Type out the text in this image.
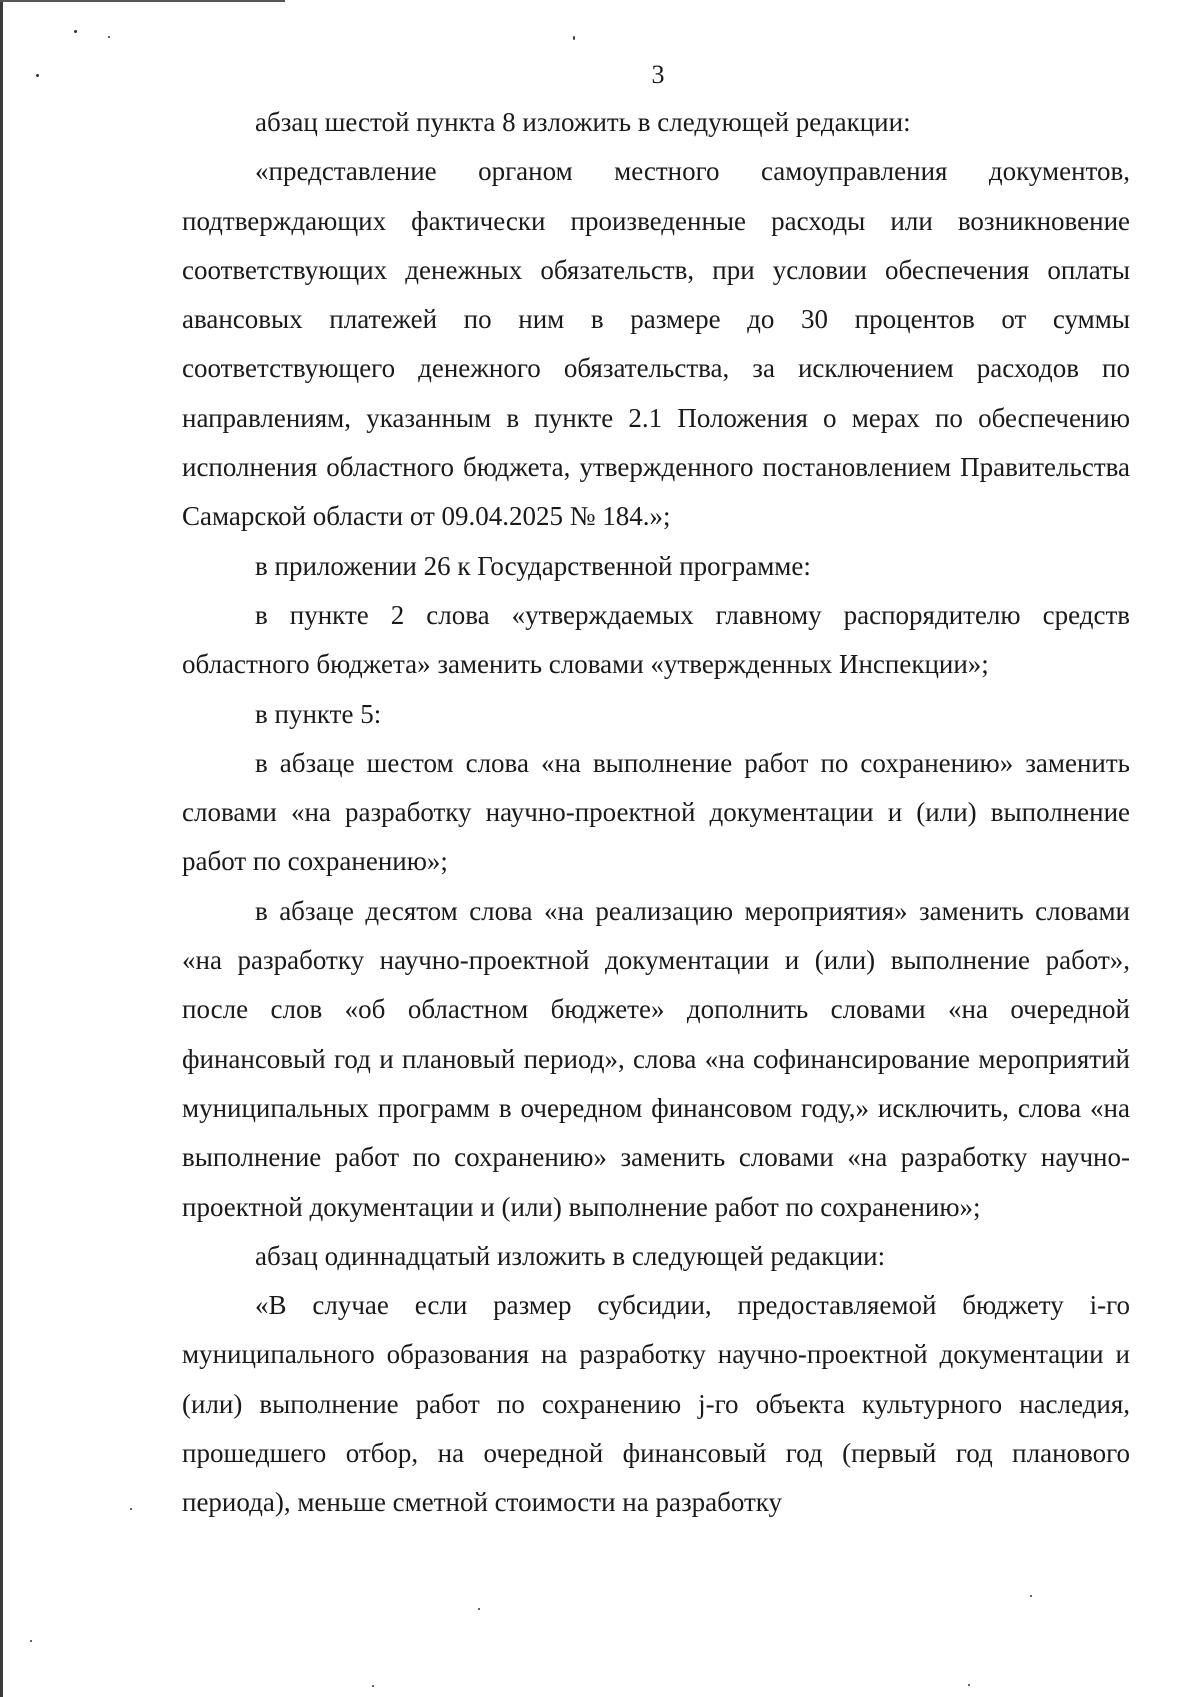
3

абзац шестой пункта 8 изложить в следующей редакции:

«представление органом местного самоуправления документов, подтверждающих фактически произведенные расходы или возникновение соответствующих денежных обязательств, при условии обеспечения оплаты авансовых платежей по ним в размере до 30 процентов от суммы соответствующего денежного обязательства, за исключением расходов по направлениям, указанным в пункте 2.1 Положения о мерах по обеспечению исполнения областного бюджета, утвержденного постановлением Правительства Самарской области от 09.04.2025 № 184.»;

в приложении 26 к Государственной программе:

в пункте 2 слова «утверждаемых главному распорядителю средств областного бюджета» заменить словами «утвержденных Инспекции»;

в пункте 5:

в абзаце шестом слова «на выполнение работ по сохранению» заменить словами «на разработку научно-проектной документации и (или) выполнение работ по сохранению»;

в абзаце десятом слова «на реализацию мероприятия» заменить словами «на разработку научно-проектной документации и (или) выполнение работ», после слов «об областном бюджете» дополнить словами «на очередной финансовый год и плановый период», слова «на софинансирование мероприятий муниципальных программ в очередном финансовом году,» исключить, слова «на выполнение работ по сохранению» заменить словами «на разработку научно-проектной документации и (или) выполнение работ по сохранению»;

абзац одиннадцатый изложить в следующей редакции:

«В случае если размер субсидии, предоставляемой бюджету i-го муниципального образования на разработку научно-проектной документации и (или) выполнение работ по сохранению j-го объекта культурного наследия, прошедшего отбор, на очередной финансовый год (первый год планового периода), меньше сметной стоимости на разработку
